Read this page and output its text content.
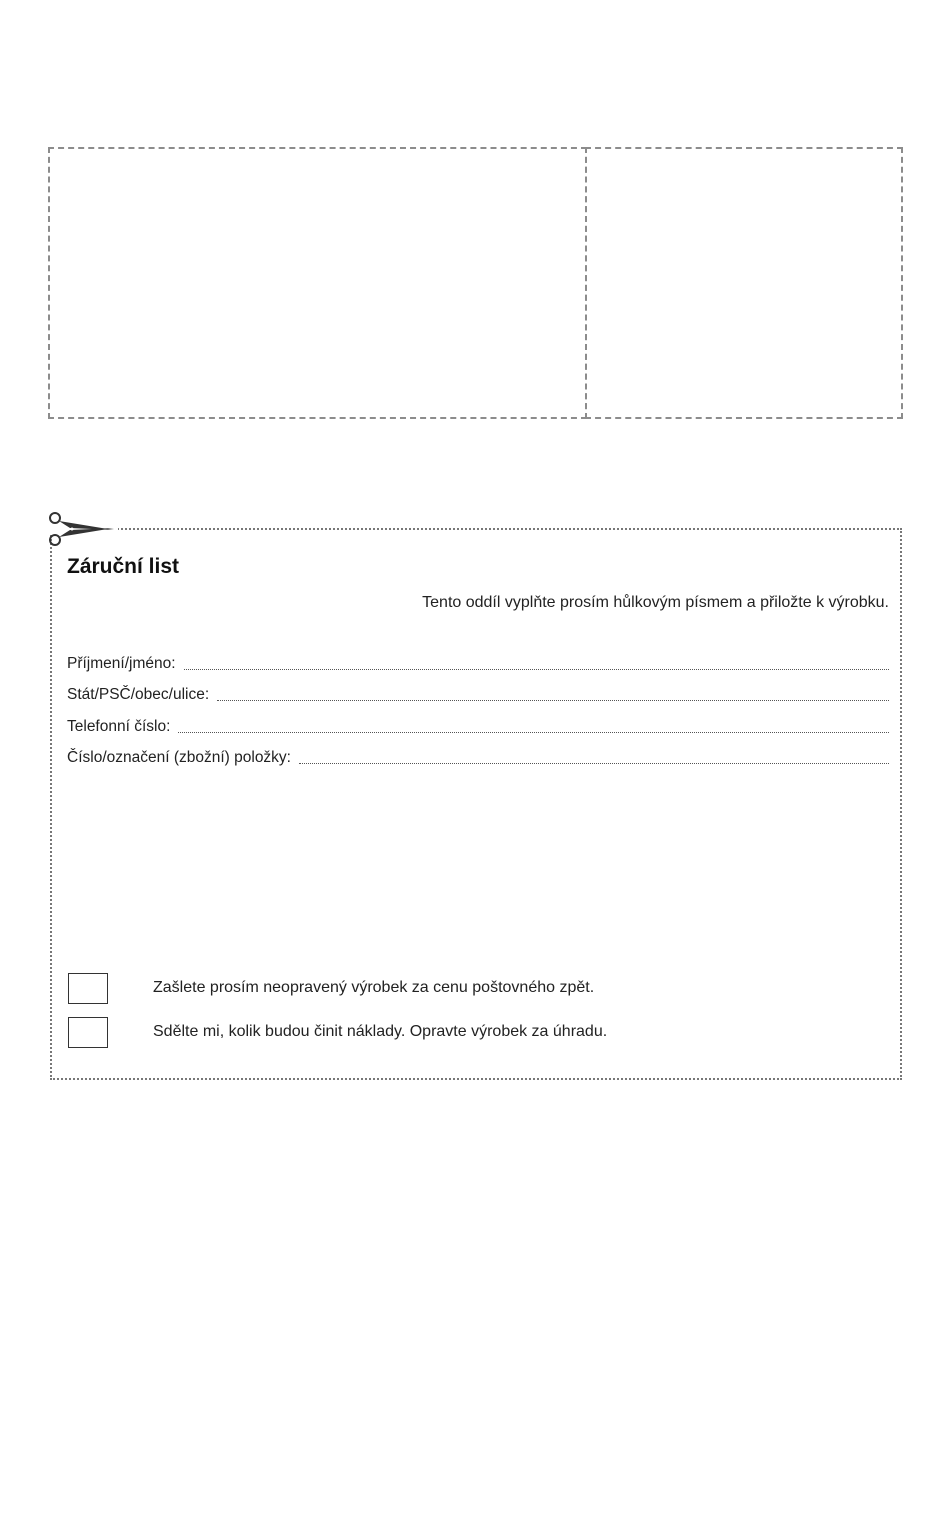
Záruční list
Tento oddíl vyplňte prosím hůlkovým písmem a přiložte k výrobku.
Příjmení/jméno:
Stát/PSČ/obec/ulice:
Telefonní číslo:
Číslo/označení (zbožní) položky:
Zašlete prosím neopravený výrobek za cenu poštovného zpět.
Sdělte mi, kolik budou činit náklady. Opravte výrobek za úhradu.
